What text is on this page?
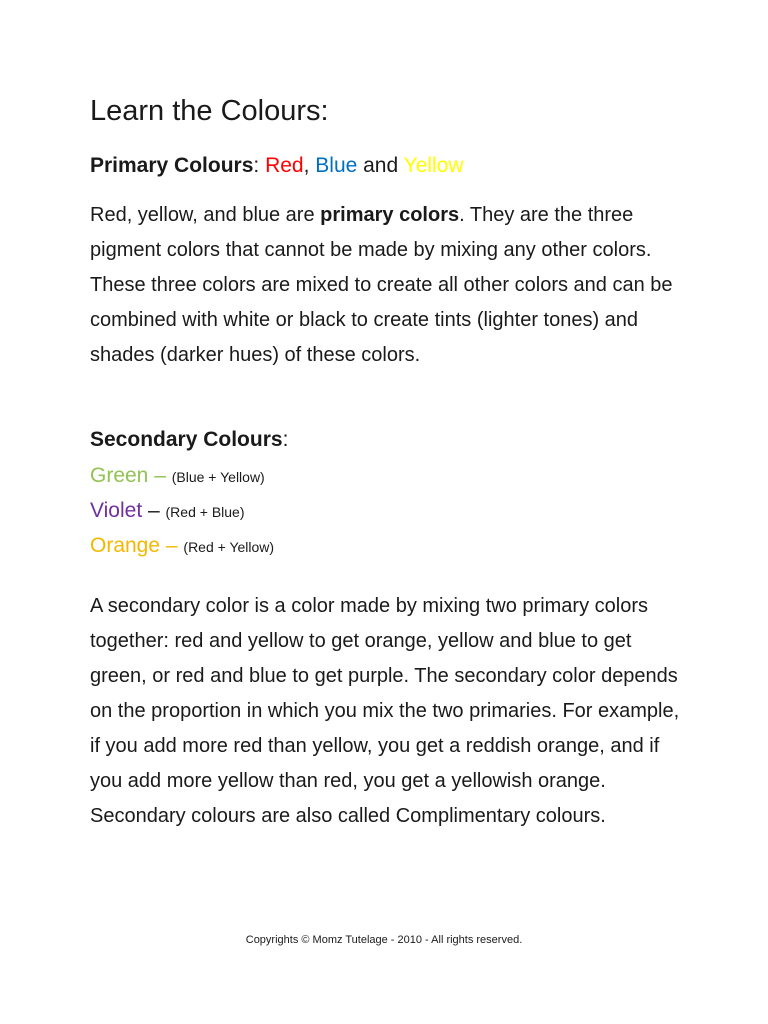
Learn the Colours:

Primary Colours: Red, Blue and Yellow

Red, yellow, and blue are primary colors. They are the three pigment colors that cannot be made by mixing any other colors. These three colors are mixed to create all other colors and can be combined with white or black to create tints (lighter tones) and shades (darker hues) of these colors.

Secondary Colours:

Green – (Blue + Yellow)
Violet – (Red + Blue)
Orange – (Red + Yellow)

A secondary color is a color made by mixing two primary colors together: red and yellow to get orange, yellow and blue to get green, or red and blue to get purple. The secondary color depends on the proportion in which you mix the two primaries. For example, if you add more red than yellow, you get a reddish orange, and if you add more yellow than red, you get a yellowish orange. Secondary colours are also called Complimentary colours.

Copyrights © Momz Tutelage - 2010 - All rights reserved.
